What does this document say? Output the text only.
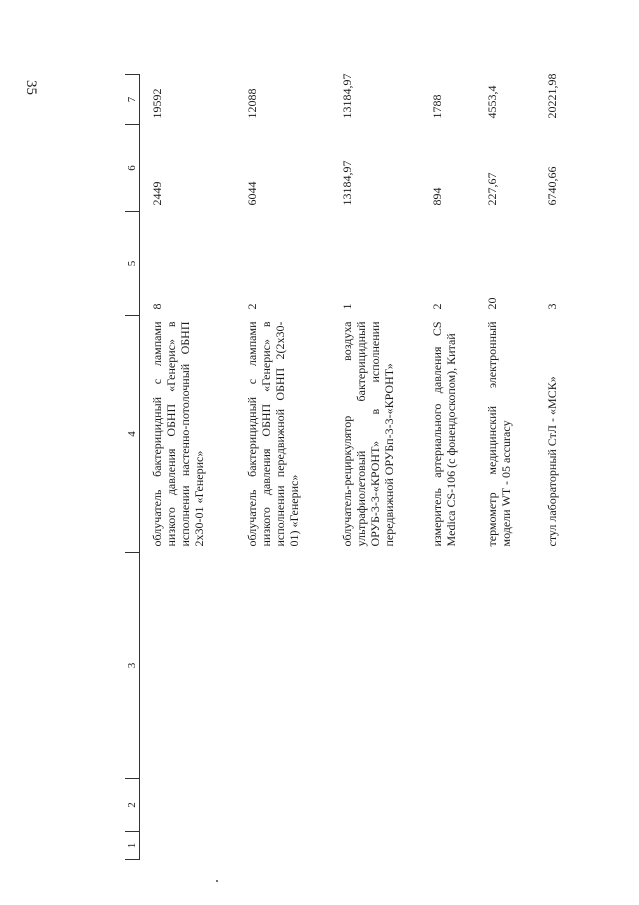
35
1	2	3	4	5	6	7

			облучатель бактерицидный с лампами низкого давления ОБНП «Генерис» в исполнении настенно-потолочный ОБНП 2х30-01 «Генерис»	8	2449	19592
			облучатель бактерицидный с лампами низкого давления ОБНП «Генерис» в исполнении передвижной ОБНП 2(2х30-01) «Генерис»	2	6044	12088
			облучатель-рециркулятор воздуха ультрафиолетовый бактерицидный ОРУБ-3-3-«КРОНТ» в исполнении передвижной ОРУБп-3-3-«КРОНТ»	1	13184,97	13184,97
			измеритель артериального давления CS Medica CS-106 (с фонендоскопом), Китай	2	894	1788
			термометр медицинский электронный модели WT - 05 accuracy	20	227,67	4553,4
			стул лабораторный СтЛ - «МСК»	3	6740,66	20221,98
